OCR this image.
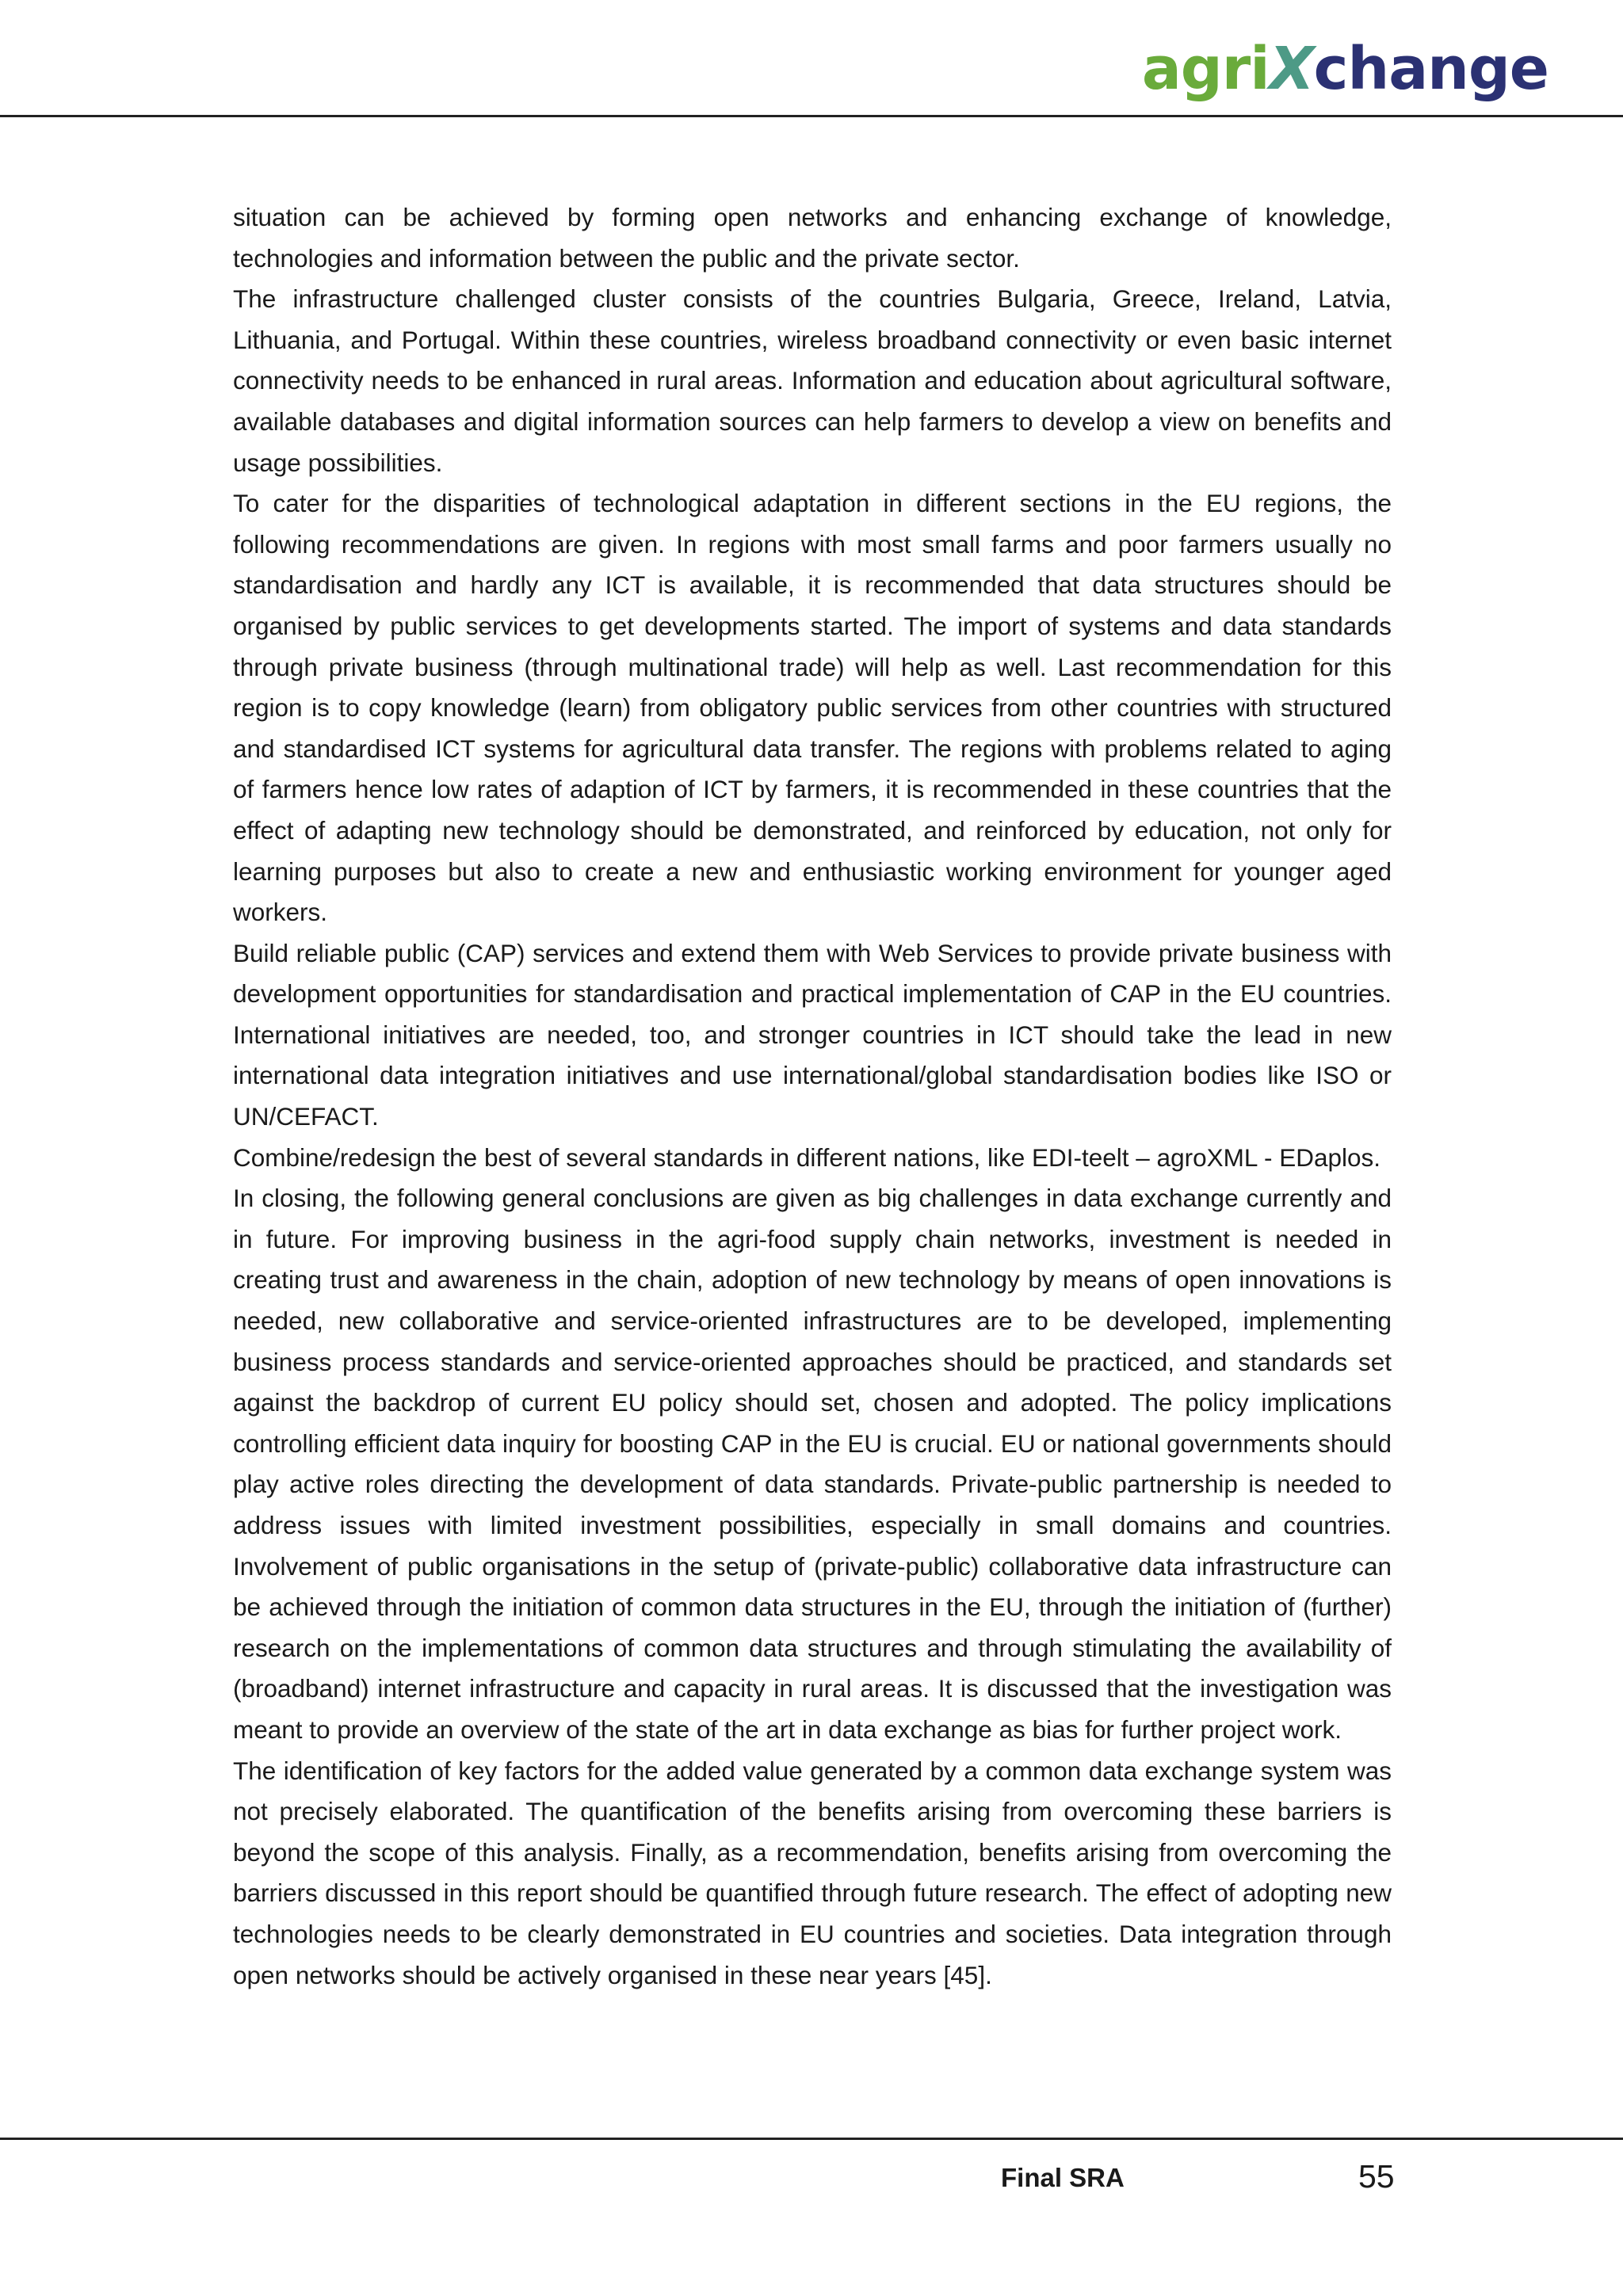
agriXchange

situation can be achieved by forming open networks and enhancing exchange of knowledge, technologies and information between the public and the private sector.

The infrastructure challenged cluster consists of the countries Bulgaria, Greece, Ireland, Latvia, Lithuania, and Portugal. Within these countries, wireless broadband connectivity or even basic internet connectivity needs to be enhanced in rural areas. Information and education about agricultural software, available databases and digital information sources can help farmers to develop a view on benefits and usage possibilities.

To cater for the disparities of technological adaptation in different sections in the EU regions, the following recommendations are given. In regions with most small farms and poor farmers usually no standardisation and hardly any ICT is available, it is recommended that data structures should be organised by public services to get developments started. The import of systems and data standards through private business (through multinational trade) will help as well. Last recommendation for this region is to copy knowledge (learn) from obligatory public services from other countries with structured and standardised ICT systems for agricultural data transfer. The regions with problems related to aging of farmers hence low rates of adaption of ICT by farmers, it is recommended in these countries that the effect of adapting new technology should be demonstrated, and reinforced by education, not only for learning purposes but also to create a new and enthusiastic working environment for younger aged workers.

Build reliable public (CAP) services and extend them with Web Services to provide private business with development opportunities for standardisation and practical implementation of CAP in the EU countries. International initiatives are needed, too, and stronger countries in ICT should take the lead in new international data integration initiatives and use international/global standardisation bodies like ISO or UN/CEFACT.

Combine/redesign the best of several standards in different nations, like EDI-teelt – agroXML - EDaplos.

In closing, the following general conclusions are given as big challenges in data exchange currently and in future. For improving business in the agri-food supply chain networks, investment is needed in creating trust and awareness in the chain, adoption of new technology by means of open innovations is needed, new collaborative and service-oriented infrastructures are to be developed, implementing business process standards and service-oriented approaches should be practiced, and standards set against the backdrop of current EU policy should set, chosen and adopted. The policy implications controlling efficient data inquiry for boosting CAP in the EU is crucial. EU or national governments should play active roles directing the development of data standards. Private-public partnership is needed to address issues with limited investment possibilities, especially in small domains and countries. Involvement of public organisations in the setup of (private-public) collaborative data infrastructure can be achieved through the initiation of common data structures in the EU, through the initiation of (further) research on the implementations of common data structures and through stimulating the availability of (broadband) internet infrastructure and capacity in rural areas. It is discussed that the investigation was meant to provide an overview of the state of the art in data exchange as bias for further project work.

The identification of key factors for the added value generated by a common data exchange system was not precisely elaborated. The quantification of the benefits arising from overcoming these barriers is beyond the scope of this analysis. Finally, as a recommendation, benefits arising from overcoming the barriers discussed in this report should be quantified through future research. The effect of adopting new technologies needs to be clearly demonstrated in EU countries and societies. Data integration through open networks should be actively organised in these near years [45].

Final SRA	55
